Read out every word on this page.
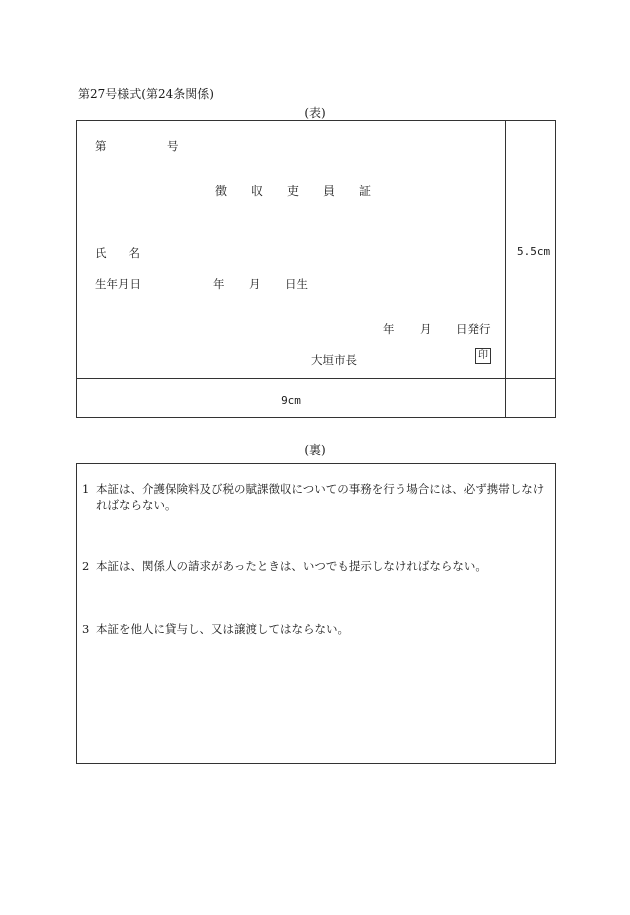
第27号様式(第24条関係)
(表)
第	号
徴収吏員証
氏名
生年月日	年 月 日生
年 月 日発行
大垣市長	印
5.5cm
9cm
(裏)
1 本証は、介護保険料及び税の賦課徴収についての事務を行う場合には、必ず携帯しなければならない。
2 本証は、関係人の請求があったときは、いつでも提示しなければならない。
3 本証を他人に貸与し、又は譲渡してはならない。
